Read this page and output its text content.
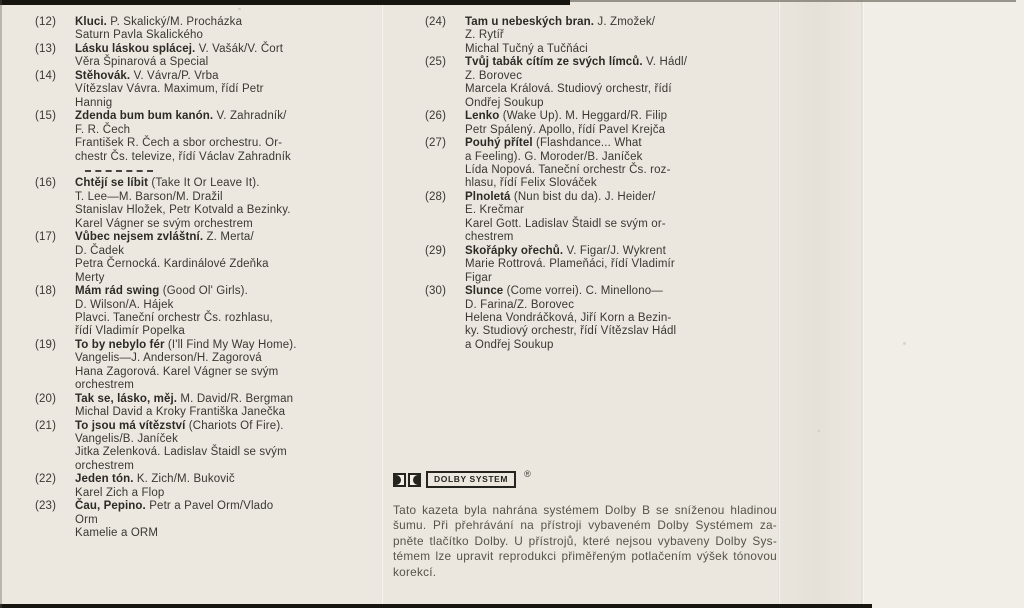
(12)	Kluci. P. Skalický/M. Procházka
Saturn Pavla Skalického
(13)	Lásku láskou splácej. V. Vašák/V. Čort
Věra Špinarová a Special
(14)	Stěhovák. V. Vávra/P. Vrba
Vítězslav Vávra. Maximum, řídí Petr
Hannig
(15)	Zdenda bum bum kanón. V. Zahradník/
F. R. Čech
František R. Čech a sbor orchestru. Or-
chestr Čs. televize, řídí Václav Zahradník
(16)	Chtějí se líbit (Take It Or Leave It).
T. Lee—M. Barson/M. Dražil
Stanislav Hložek, Petr Kotvald a Bezinky.
Karel Vágner se svým orchestrem
(17)	Vůbec nejsem zvláštní. Z. Merta/
D. Čadek
Petra Černocká. Kardinálové Zdeňka
Merty
(18)	Mám rád swing (Good Ol' Girls).
D. Wilson/A. Hájek
Plavci. Taneční orchestr Čs. rozhlasu,
řídí Vladimír Popelka
(19)	To by nebylo fér (I'll Find My Way Home).
Vangelis—J. Anderson/H. Zagorová
Hana Zagorová. Karel Vágner se svým
orchestrem
(20)	Tak se, lásko, měj. M. David/R. Bergman
Michal David a Kroky Františka Janečka
(21)	To jsou má vítězství (Chariots Of Fire).
Vangelis/B. Janíček
Jitka Zelenková. Ladislav Štaidl se svým
orchestrem
(22)	Jeden tón. K. Zich/M. Bukovič
Karel Zich a Flop
(23)	Čau, Pepino. Petr a Pavel Orm/Vlado
Orm
Kamelie a ORM
(24)	Tam u nebeských bran. J. Zmožek/
Z. Rytíř
Michal Tučný a Tučňáci
(25)	Tvůj tabák cítím ze svých límců. V. Hádl/
Z. Borovec
Marcela Králová. Studiový orchestr, řídí
Ondřej Soukup
(26)	Lenko (Wake Up). M. Heggard/R. Filip
Petr Spálený. Apollo, řídí Pavel Krejča
(27)	Pouhý přítel (Flashdance... What
a Feeling). G. Moroder/B. Janíček
Lída Nopová. Taneční orchestr Čs. roz-
hlasu, řídí Felix Slováček
(28)	Plnoletá (Nun bist du da). J. Heider/
E. Krečmar
Karel Gott. Ladislav Štaidl se svým or-
chestrem
(29)	Skořápky ořechů. V. Figar/J. Wykrent
Marie Rottrová. Plameňáci, řídí Vladimír
Figar
(30)	Slunce (Come vorrei). C. Minellono—
D. Farina/Z. Borovec
Helena Vondráčková, Jiří Korn a Bezin-
ky. Studiový orchestr, řídí Vítězslav Hádl
a Ondřej Soukup
DOLBY SYSTEM
®
Tato kazeta byla nahrána systémem Dolby B se sníženou hladinou
šumu. Při přehrávání na přístroji vybaveném Dolby Systémem za-
pněte tlačítko Dolby. U přístrojů, které nejsou vybaveny Dolby Sys-
témem lze upravit reprodukci přiměřeným potlačením výšek tónovou
korekcí.
